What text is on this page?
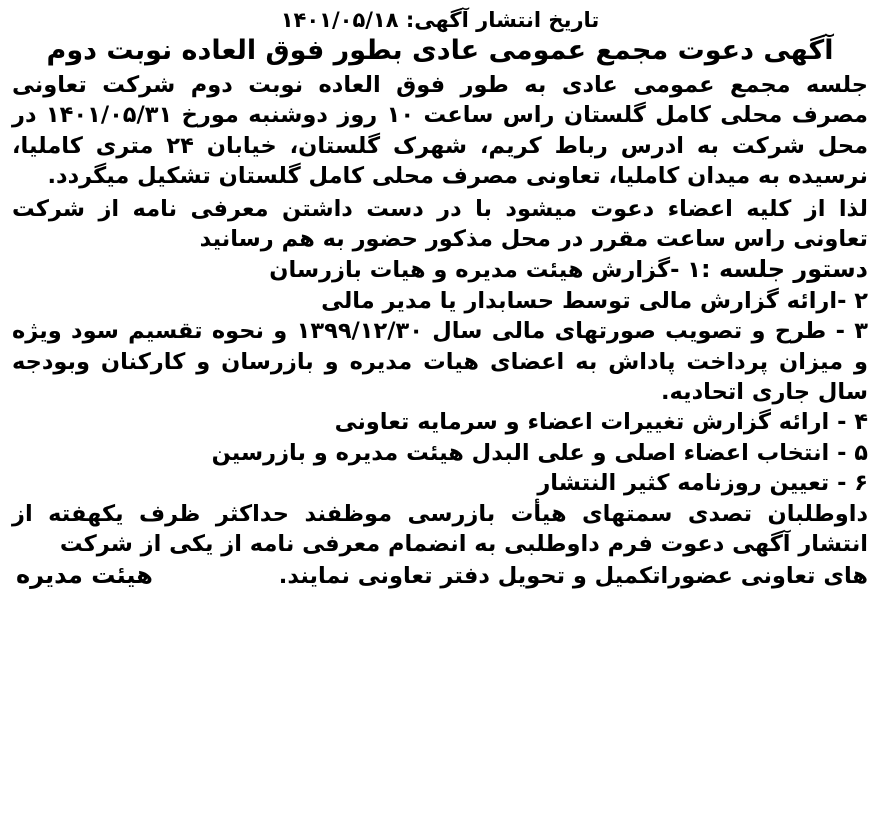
تاریخ انتشار آگهی: ۱۴۰۱/۰۵/۱۸
آگهی دعوت مجمع عمومی عادی بطور فوق العاده نوبت دوم
جلسه مجمع عمومی عادی به طور فوق العاده نوبت دوم شرکت تعاونی مصرف محلی کامل گلستان راس ساعت ۱۰ روز دوشنبه مورخ ۱۴۰۱/۰۵/۳۱ در محل شرکت به ادرس رباط کریم، شهرک گلستان، خیابان ۲۴ متری کاملیا، نرسیده به میدان کاملیا، تعاونی مصرف محلی کامل گلستان تشکیل میگردد.
لذا از کلیه اعضاء دعوت میشود با در دست داشتن معرفی نامه از شرکت تعاونی راس ساعت مقرر در محل مذکور حضور به هم رسانید
دستور جلسه :۱ -گزارش هیئت مدیره و هیات بازرسان
۲ -ارائه گزارش مالی توسط حسابدار یا مدیر مالی
۳ - طرح و تصویب صورتهای مالی سال ۱۳۹۹/۱۲/۳۰ و نحوه تقسیم سود ویژه و میزان پرداخت پاداش به اعضای هیات مدیره و بازرسان و کارکنان وبودجه سال جاری اتحادیه.
۴ - ارائه گزارش تغییرات اعضاء و سرمایه تعاونی
۵ - انتخاب اعضاء اصلی و علی البدل هیئت مدیره و بازرسین
۶ - تعیین روزنامه کثیر النتشار
داوطلبان تصدی سمتهای هیأت بازرسی موظفند حداکثر ظرف یکهفته از انتشار آگهی دعوت فرم داوطلبی به انضمام معرفی نامه از یکی از شرکت
های تعاونی عضوراتکمیل و تحویل دفتر تعاونی نمایند.
هیئت مدیره
